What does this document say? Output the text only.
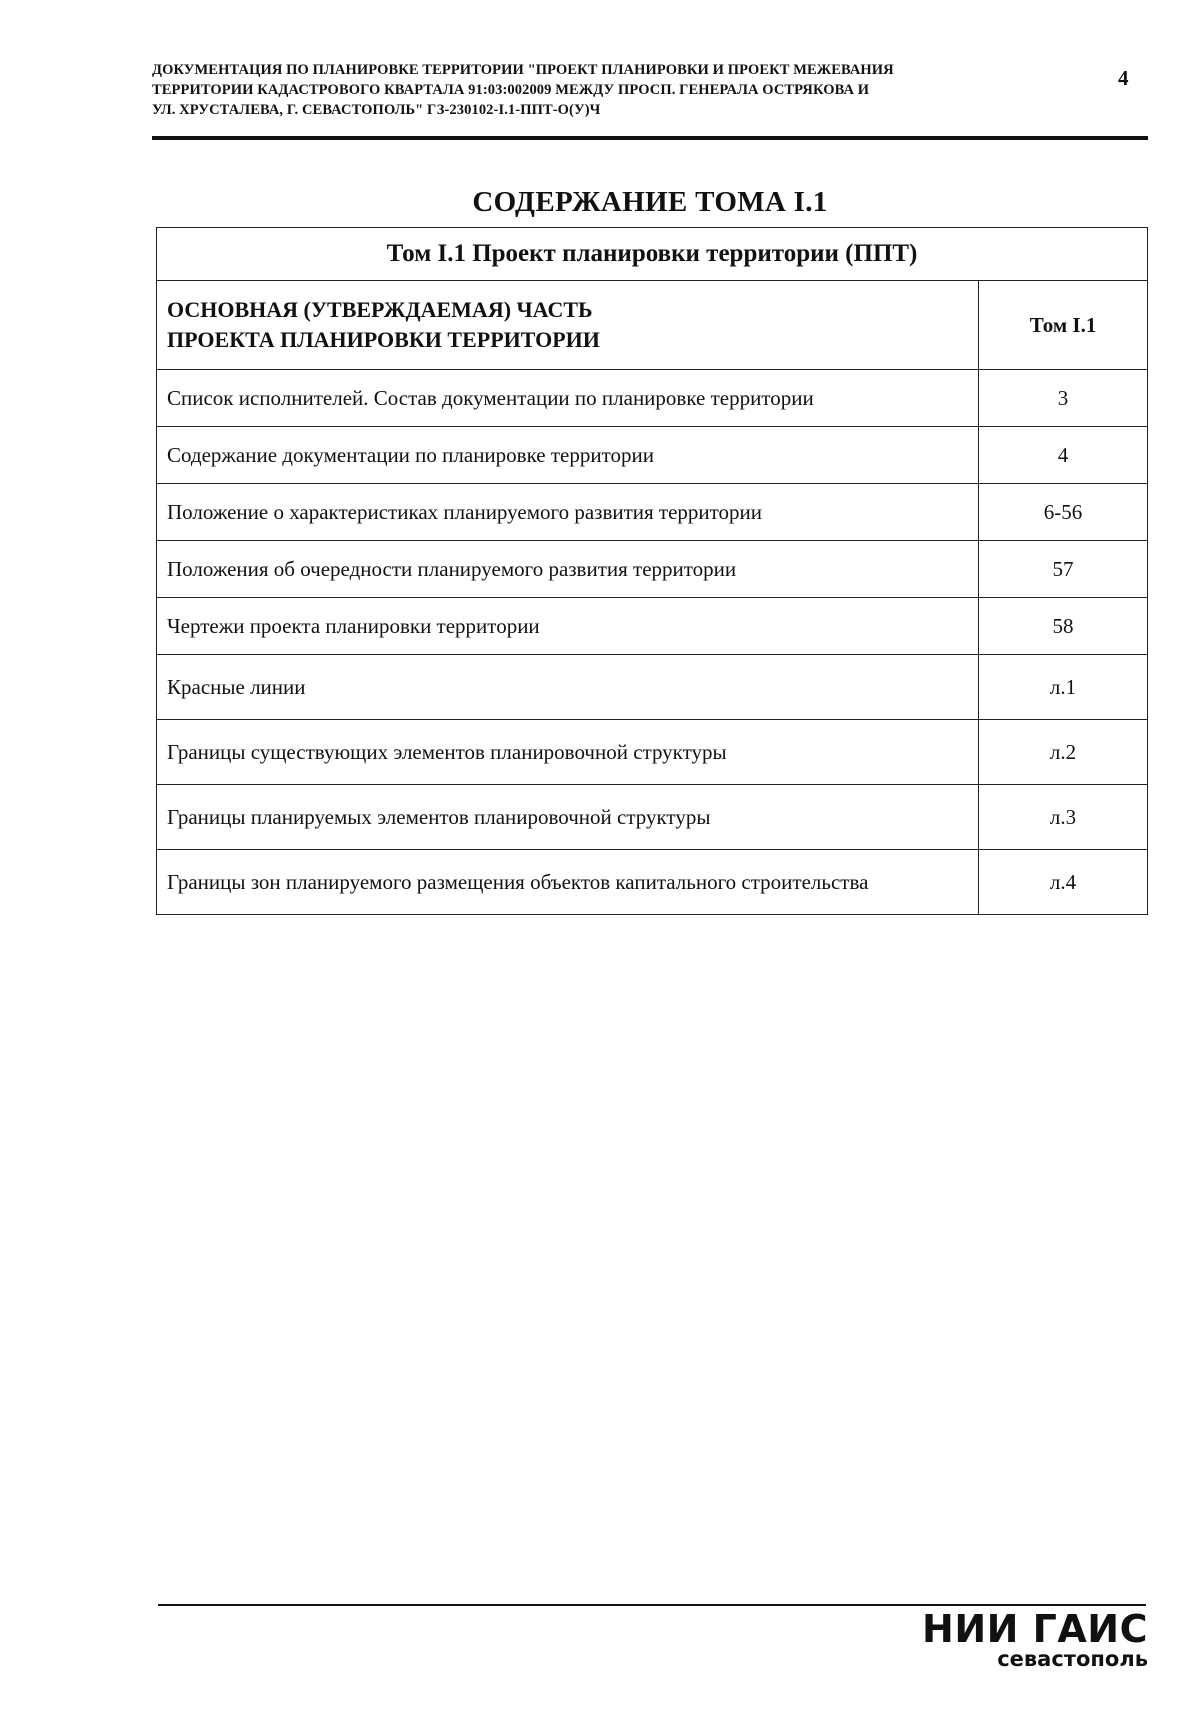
ДОКУМЕНТАЦИЯ ПО ПЛАНИРОВКЕ ТЕРРИТОРИИ "ПРОЕКТ ПЛАНИРОВКИ И ПРОЕКТ МЕЖЕВАНИЯ
ТЕРРИТОРИИ КАДАСТРОВОГО КВАРТАЛА 91:03:002009 МЕЖДУ ПРОСП. ГЕНЕРАЛА ОСТРЯКОВА И
УЛ. ХРУСТАЛЕВА, Г. СЕВАСТОПОЛЬ" ГЗ-230102-I.1-ППТ-О(У)Ч
4
СОДЕРЖАНИЕ ТОМА I.1
Том I.1 Проект планировки территории (ППТ)	

ОСНОВНАЯ (УТВЕРЖДАЕМАЯ) ЧАСТЬ
ПРОЕКТА ПЛАНИРОВКИ ТЕРРИТОРИИ	Том I.1
Список исполнителей. Состав документации по планировке территории	3
Содержание документации по планировке территории	4
Положение о характеристиках планируемого развития территории	6-56
Положения об очередности планируемого развития территории	57
Чертежи проекта планировки территории	58
Красные линии	л.1
Границы существующих элементов планировочной структуры	л.2
Границы планируемых элементов планировочной структуры	л.3
Границы зон планируемого размещения объектов капитального строительства	л.4
НИИ ГАИС
севастополь
